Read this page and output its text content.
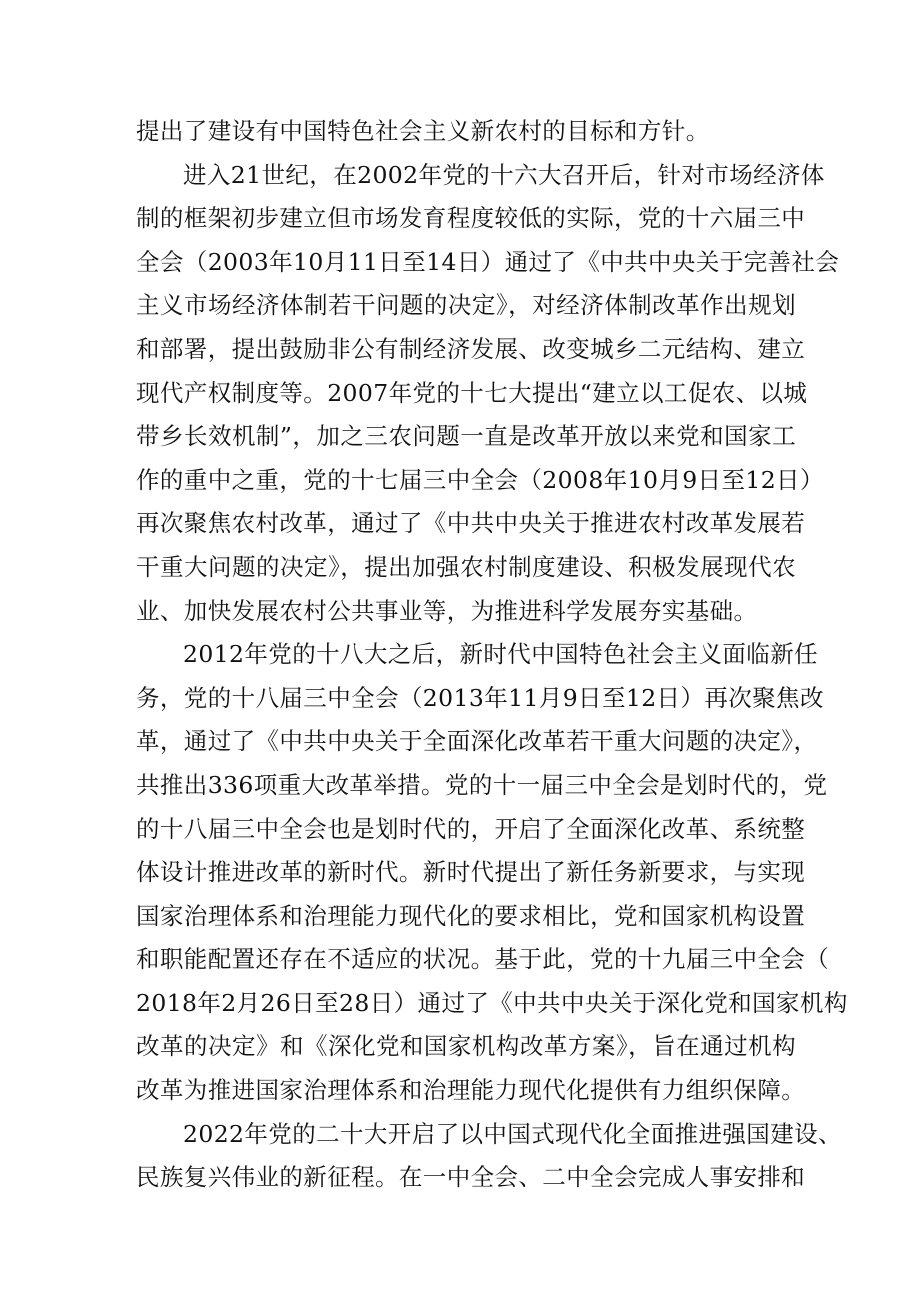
提出了建设有中国特色社会主义新农村的目标和方针。
进入21世纪，在2002年党的十六大召开后，针对市场经济体
制的框架初步建立但市场发育程度较低的实际，党的十六届三中
全会（2003年10月11日至14日）通过了《中共中央关于完善社会
主义市场经济体制若干问题的决定》，对经济体制改革作出规划
和部署，提出鼓励非公有制经济发展、改变城乡二元结构、建立
现代产权制度等。2007年党的十七大提出“建立以工促农、以城
带乡长效机制”，加之三农问题一直是改革开放以来党和国家工
作的重中之重，党的十七届三中全会（2008年10月9日至12日）
再次聚焦农村改革，通过了《中共中央关于推进农村改革发展若
干重大问题的决定》，提出加强农村制度建设、积极发展现代农
业、加快发展农村公共事业等，为推进科学发展夯实基础。
2012年党的十八大之后，新时代中国特色社会主义面临新任
务，党的十八届三中全会（2013年11月9日至12日）再次聚焦改
革，通过了《中共中央关于全面深化改革若干重大问题的决定》，
共推出336项重大改革举措。党的十一届三中全会是划时代的，党
的十八届三中全会也是划时代的，开启了全面深化改革、系统整
体设计推进改革的新时代。新时代提出了新任务新要求，与实现
国家治理体系和治理能力现代化的要求相比，党和国家机构设置
和职能配置还存在不适应的状况。基于此，党的十九届三中全会（
2018年2月26日至28日）通过了《中共中央关于深化党和国家机构
改革的决定》和《深化党和国家机构改革方案》，旨在通过机构
改革为推进国家治理体系和治理能力现代化提供有力组织保障。
2022年党的二十大开启了以中国式现代化全面推进强国建设、
民族复兴伟业的新征程。在一中全会、二中全会完成人事安排和
